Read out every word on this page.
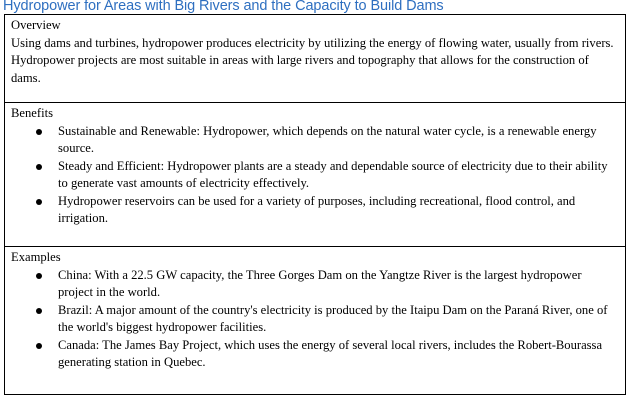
Hydropower for Areas with Big Rivers and the Capacity to Build Dams
Overview
Using dams and turbines, hydropower produces electricity by utilizing the energy of flowing water, usually from rivers. Hydropower projects are most suitable in areas with large rivers and topography that allows for the construction of dams.

Benefits
Sustainable and Renewable: Hydropower, which depends on the natural water cycle, is a renewable energy source.
Steady and Efficient: Hydropower plants are a steady and dependable source of electricity due to their ability to generate vast amounts of electricity effectively.
Hydropower reservoirs can be used for a variety of purposes, including recreational, flood control, and irrigation.

Examples
China: With a 22.5 GW capacity, the Three Gorges Dam on the Yangtze River is the largest hydropower project in the world.
Brazil: A major amount of the country's electricity is produced by the Itaipu Dam on the Paraná River, one of the world's biggest hydropower facilities.
Canada: The James Bay Project, which uses the energy of several local rivers, includes the Robert-Bourassa generating station in Quebec.
